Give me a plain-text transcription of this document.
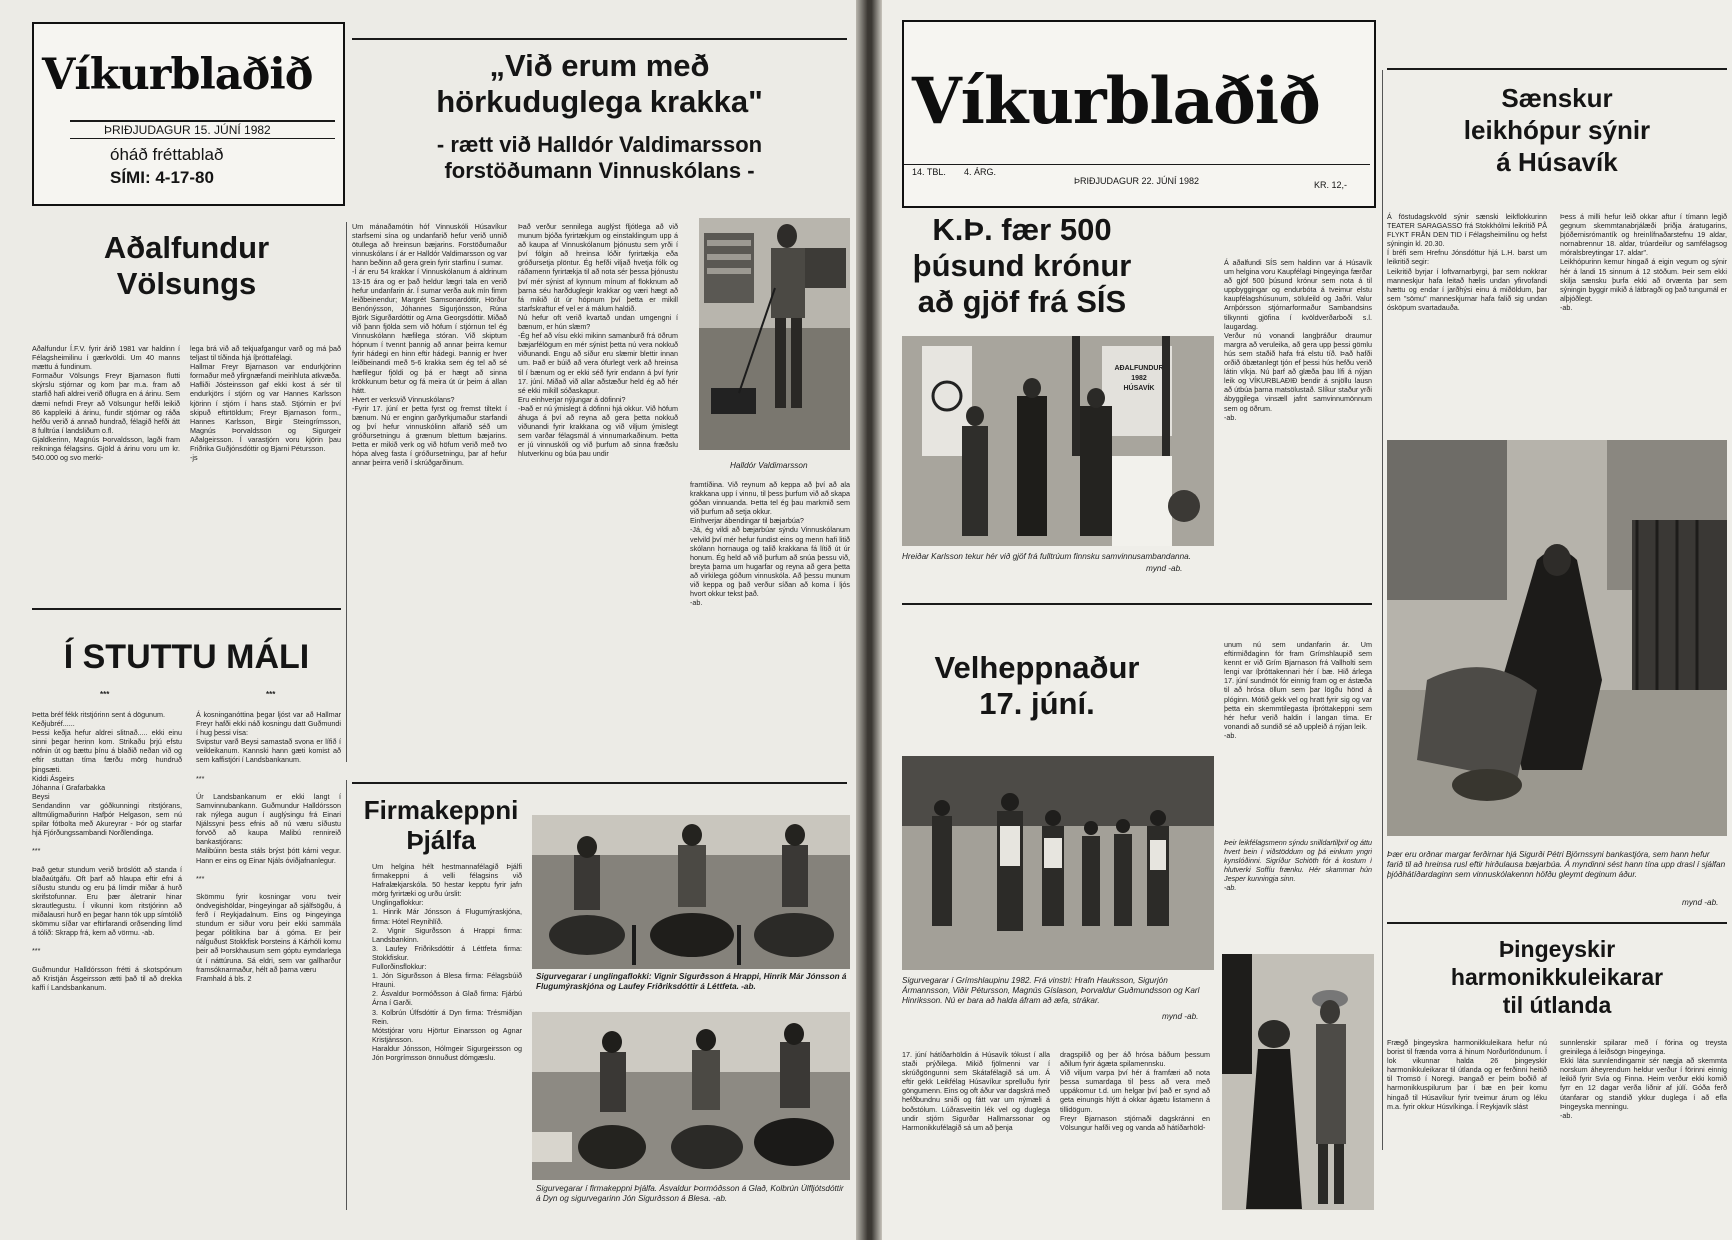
Víkurblaðið
ÞRIÐJUDAGUR 15. JÚNÍ 1982
óháð fréttablað
SÍMI: 4-17-80
„Við erum með
hörkuduglega krakka"
- rætt við Halldór Valdimarsson
forstöðumann Vinnuskólans -
Um mánaðamótin hóf Vinnuskóli Húsavíkur starfsemi sína og undanfarið hefur verið unnið ötullega að hreinsun bæjarins. Forstöðumaður vinnuskólans í ár er Halldór Valdimarsson og var hann beðinn að gera grein fyrir starfinu í sumar.
-Í ár eru 54 krakkar í Vinnuskólanum á aldrinum 13-15 ára og er það heldur lægri tala en verið hefur undanfarin ár. Í sumar verða auk mín fimm leiðbeinendur; Margrét Samsonardóttir, Hörður Benónýsson, Jóhannes Sigurjónsson, Rúna Björk Sigurðardóttir og Arna Georgsdóttir. Miðað við þann fjölda sem við höfum í stjórnun tel ég Vinnuskólann hæfilega stóran. Við skiptum hópnum í tvennt þannig að annar þeirra kemur fyrir hádegi en hinn eftir hádegi. Þannig er hver leiðbeinandi með 5-6 krakka sem ég tel að sé hæfilegur fjöldi og þá er hægt að sinna krökkunum betur og fá meira út úr þeim á allan hátt.
Hvert er verksvið Vinnuskólans?
-Fyrir 17. júní er þetta fyrst og fremst tiltekt í bænum. Nú er enginn garðyrkjumaður starfandi og því hefur vinnuskólinn alfarið séð um gróðursetningu á grænum blettum bæjarins. Þetta er mikið verk og við höfum verið með tvo hópa alveg fasta í gróðursetningu, þar af hefur annar þeirra verið í skrúðgarðinum.
Það verður sennilega auglýst fljótlega að við munum bjóða fyrirtækjum og einstaklingum upp á að kaupa af Vinnuskólanum þjónustu sem yrði í því fólgin að hreinsa lóðir fyrirtækja eða gróðursetja plöntur. Ég hefði viljað hvetja fólk og ráðamenn fyrirtækja til að nota sér þessa þjónustu því mér sýnist af kynnum mínum af flokknum að þarna séu harðduglegir krakkar og væri hægt að fá mikið út úr hópnum því þetta er mikill starfskraftur ef vel er á málum haldið.
Nú hefur oft verið kvartað undan umgengni í bænum, er hún slæm?
-Ég hef að vísu ekki mikinn samanburð frá öðrum bæjarfélögum en mér sýnist þetta nú vera nokkuð viðunandi. Engu að síður eru slæmir blettir innan um. Það er búið að vera ófurlegt verk að hreinsa til í bænum og er ekki séð fyrir endann á því fyrir 17. júní. Miðað við allar aðstæður held ég að hér sé ekki mikill sóðaskapur.
Eru einhverjar nýjungar á döfinni?
-Það er nú ýmislegt á döfinni hjá okkur. Við höfum áhuga á því að reyna að gera þetta nokkuð viðunandi fyrir krakkana og við viljum ýmislegt sem varðar félagsmál á vinnumarkaðinum. Þetta er jú vinnuskóli og við þurfum að sinna fræðslu hlutverkinu og búa þau undir
Halldór Valdimarsson
framtíðina. Við reynum að keppa að því að ala krakkana upp í vinnu, til þess þurfum við að skapa góðan vinnuanda. Þetta tel ég þau markmið sem við þurfum að setja okkur.
Einhverjar ábendingar til bæjarbúa?
-Já, ég vildi að bæjarbúar sýndu Vinnuskólanum velvild því mér hefur fundist eins og menn hafi litið skólann hornauga og talið krakkana fá lítið út úr honum. Ég held að við þurfum að snúa þessu við, breyta þarna um hugarfar og reyna að gera þetta að virkilega góðum vinnuskóla. Að þessu munum við keppa og það verður síðan að koma í ljós hvort okkur tekst það.
-ab.
Aðalfundur
Völsungs
Aðalfundur Í.F.V. fyrir árið 1981 var haldinn í Félagsheimilinu í gærkvöldi. Um 40 manns mættu á fundinum.
Formaður Völsungs Freyr Bjarnason flutti skýrslu stjórnar og kom þar m.a. fram að starfið hafi aldrei verið öflugra en á árinu. Sem dæmi nefndi Freyr að Völsungur hefði leikið 86 kappleiki á árinu, fundir stjórnar og ráða hefðu verið á annað hundrað, félagið hefði átt 8 fulltrúa í landsliðum o.fl.
Gjaldkerinn, Magnús Þorvaldsson, lagði fram reikninga félagsins. Gjöld á árinu voru um kr. 540.000 og svo merki-
lega brá við að tekjuafgangur varð og má það teljast til tíðinda hjá íþróttafélagi.
Hallmar Freyr Bjarnason var endurkjörinn formaður með yfirgnæfandi meirihluta atkvæða. Hafliði Jósteinsson gaf ekki kost á sér til endurkjörs í stjórn og var Hannes Karlsson kjörinn í stjórn í hans stað. Stjórnin er því skipuð eftirtöldum; Freyr Bjarnason form., Hannes Karlsson, Birgir Steingrímsson, Magnús Þorvaldsson og Sigurgeir Aðalgeirsson. Í varastjórn voru kjörin þau Friðrika Guðjónsdóttir og Bjarni Pétursson.
-js
Í STUTTU MÁLI
***	***
Þetta bréf fékk ritstjórinn sent á dögunum.
Keðjubréf......
Þessi keðja hefur aldrei slitnað..... ekki einu sinni þegar herinn kom. Strikaðu þrjú efstu nöfnin út og bættu þínu á blaðið neðan við og eftir stuttan tíma færðu mörg hundruð þingsæti.
Kiddi Ásgeirs
Jóhanna í Grafarbakka
Beysi
Sendandinn var góðkunningi ritstjórans, alltmúligmaðurinn Hafþór Helgason, sem nú spilar fótbolta með Akureyrar - Þór og starfar hjá Fjórðungssambandi Norðlendinga.

***

Það getur stundum verið bröslótt að standa í blaðaútgáfu. Oft þarf að hlaupa eftir efni á síðustu stundu og eru þá límdir miðar á hurð skrifstofunnar. Eru þær áletranir hinar skrautlegustu. Í vikunni kom ritstjórinn að miðalausri hurð en þegar hann tók upp símtólið skömmu síðar var eftirfarandi orðsending límd á tólið: Skrapp frá, kem að vörmu. -ab.

***

Guðmundur Halldórsson frétti á skotspónum að Kristján Ásgeirsson ætti það til að drekka kaffi í Landsbankanum.
Á kosninganóttina þegar ljóst var að Hallmar Freyr hafði ekki náð kosningu datt Guðmundi í hug þessi vísa:
Svipstur varð Beysi samastað svona er lífið í veikleikanum. Kannski hann gæti komist að sem kaffistjóri í Landsbankanum.

***

Úr Landsbankanum er ekki langt í Samvinnubankann. Guðmundur Halldórsson rak nýlega augun í auglýsingu frá Einari Njálssyni þess efnis að nú væru síðustu forvöð að kaupa Malibú rennireið bankastjórans:
Malibúinn besta stáls brýst þótt kárni vegur. Hann er eins og Einar Njáls óviðjafnanlegur.

***

Skömmu fyrir kosningar voru tveir öndvegishöldar, Þingeyingar að sjálfsögðu, á ferð í Reykjadalnum. Eins og Þingeyinga stundum er siður voru þeir ekki sammála þegar pólitíkina bar á góma. Er þeir nálguðust Stokkfisk Þorsteins á Kárhóli komu þeir að Þorskhausum sem góptu eymdarlega út í náttúruna. Sá eldri, sem var gallharður framsóknarmaður, hélt að þarna væru
Framhald á bls. 2
Firmakeppni
Þjálfa
Um helgina hélt hestmannafélagið Þjálfi firmakeppni á velli félagsins við Hafralækjarskóla. 50 hestar kepptu fyrir jafn mörg fyrirtæki og urðu úrslit:
Unglingaflokkur:
1. Hinrik Már Jónsson á Flugumýraskjóna, firma: Hótel Reynihlíð.
2. Vignir Sigurðsson á Hrappi firma: Landsbankinn.
3. Laufey Friðriksdóttir á Léttfeta firma: Stokkfiskur.
Fullorðinsflokkur:
1. Jón Sigurðsson á Blesa firma: Félagsbúið Hrauni.
2. Ásvaldur Þormóðsson á Glað firma: Fjárbú Árna í Garði.
3. Kolbrún Úlfsdóttir á Dyn firma: Trésmiðjan Rein.
Mótstjórar voru Hjörtur Einarsson og Agnar Kristjánsson.
Haraldur Jónsson, Hólmgeir Sigurgeirsson og Jón Þorgrímsson önnuðust dómgæslu.
Sigurvegarar í unglingaflokki: Vignir Sigurðsson á Hrappi, Hinrik Már Jónsson á Flugumýraskjóna og Laufey Friðriksdóttir á Léttfeta. -ab.
Sigurvegarar í firmakeppni Þjálfa. Ásvaldur Þormóðsson á Glað, Kolbrún Úlfljótsdóttir á Dyn og sigurvegarinn Jón Sigurðsson á Blesa. -ab.
Víkurblaðið
14. TBL. 4. ÁRG.
ÞRIÐJUDAGUR 22. JÚNÍ 1982	KR. 12,-
K.Þ. fær 500
þúsund krónur
að gjöf frá SÍS
Á aðalfundi SÍS sem haldinn var á Húsavík um helgina voru Kaupfélagi Þingeyinga færðar að gjöf 500 þúsund krónur sem nota á til uppbyggingar og endurbóta á tveimur elstu kaupfélagshúsunum, söluleild og Jaðri. Valur Arnþórsson stjórnarformaður Sambandsins tilkynnti gjöfina í kvöldverðarboði s.l. laugardag.
Verður nú vonandi langþráður draumur margra að veruleika, að gera upp þessi gömlu hús sem staðið hafa frá elstu tíð. Það hafði orðið óbætanlegt tjón ef þessi hús hefðu verið látin víkja. Nú þarf að glæða þau lífi á nýjan leik og VÍKURBLAÐIÐ bendir á snjöllu lausn að útbúa þarna matsölustað. Slíkur staður yrði ábyggilega vinsæll jafnt samvinnumönnum sem og öðrum.
-ab.
AÐALFUNDUR 1982
HÚSAVÍK
Hreiðar Karlsson tekur hér við gjöf frá fulltrúum finnsku samvinnusambandanna.
mynd -ab.
Sænskur
leikhópur sýnir
á Húsavík
Á föstudagskvöld sýnir sænski leikflokkurinn TEATER SARAGASSO frá Stokkhólmi leikritið PÅ FLYKT FRÅN DEN TID í Félagsheimilinu og hefst sýningin kl. 20.30.
Í bréfi sem Hrefnu Jónsdóttur hjá L.H. barst um leikritið segir:
Leikritið byrjar í loftvarnarbyrgi, þar sem nokkrar manneskjur hafa leitað hælis undan yfirvofandi hættu og endar í jarðhýsi einu á miðöldum, þar sem "sömu" manneskjurnar hafa falið sig undan ósköpum svartadauða.
Þess á milli hefur leið okkar aftur í tímann legið gegnum skemmtanabrjálæði þriðja áratugarins, þjóðernisrómantík og hreinlífnaðarstefnu 19 aldar, nornabrennur 18. aldar, trúardeilur og samfélagsog móralsbreytingar 17. aldar".
Leikhópurinn kemur hingað á eigin vegum og sýnir hér á landi 15 sinnum á 12 stöðum. Þeir sem ekki skilja sænsku þurfa ekki að örvænta þar sem sýningin byggir mikið á látbragði og það tungumál er alþjóðlegt.
-ab.
Þær eru orðnar margar ferðirnar hjá Sigurði Pétri Björnssyni bankastjóra, sem hann hefur farið til að hreinsa rusl eftir hirðulausa bæjarbúa. Á myndinni sést hann tína upp drasl í sjálfan þjóðhátíðardaginn sem vinnuskólakennn höfðu gleymt deginum áður.
mynd -ab.
Velheppnaður
17. júní.
unum nú sem undanfarin ár. Um eftirmiðdaginn fór fram Grímshlaupið sem kennt er við Grím Bjarnason frá Vallholti sem lengi var íþróttakennari hér í bæ. Hið árlega 17. júní sundmót fór einnig fram og er ástæða til að hrósa öllum sem þar lögðu hönd á plóginn. Mótið gekk vel og hratt fyrir sig og var þetta ein skemmtilegasta íþróttakeppni sem hér hefur verið haldin í langan tíma. Er vonandi að sundið sé að uppleið á nýjan leik.
-ab.
Þeir leikfélagsmenn sýndu snilldartilþrif og áttu hvert bein í viðstöddum og þá einkum yngri kynslóðinni. Sigríður Schiöth fór á kostum í hlutverki Soffíu frænku. Hér skammar hún Jesper kunningja sinn.
-ab.
Sigurvegarar í Grímshlaupinu 1982. Frá vinstri: Hrafn Hauksson, Sigurjón Ármannsson, Viðir Pétursson, Magnús Gíslason, Þorvaldur Guðmundsson og Karl Hinriksson. Nú er bara að halda áfram að æfa, strákar.
mynd -ab.
17. júní hátíðarhöldin á Húsavík tókust í alla staði prýðilega. Mikið fjölmenni var í skrúðgöngunni sem Skátafélagið sá um. Á eftir gekk Leikfélag Húsavíkur sprelluðu fyrir göngumenn. Eins og oft áður var dagskrá með hefðbundnu sniði og fátt var um nýmæli á boðstólum. Lúðrasveitin lék vel og duglega undir stjórn Sigurðar Hallmarssonar og Harmonikkufélagið sá um að þenja
dragspilið og þer áð hrósa báðum þessum aðilum fyrir ágæta spilamennsku.
Við viljum varpa því hér á framfæri að nota þessa sumardaga til þess að vera með uppákomur t.d. um helgar því það er synd að geta einungis hlýtt á okkar ágætu listamenn á tillidögum.
Freyr Bjarnason stjórnaði dagskránni en Völsungur hafði veg og vanda að hátíðarhöld-
Þingeyskir
harmonikkuleikarar
til útlanda
Frægð þingeyskra harmonikkuleikara hefur nú borist til frænda vorra á hinum Norðurlöndunum. Í lok vikunnar halda 26 þingeyskir harmonikkuleikarar til útlanda og er ferðinni heitið til Tromsö í Noregi. Þangað er þeim boðið af harmonikkuspilurum þar í bæ en þeir komu hingað til Húsavíkur fyrir tveimur árum og léku m.a. fyrir okkur Húsvíkinga. Í Reykjavík slást
sunnlenskir spilarar með í förina og treysta greinilega á leiðsögn Þingeyinga.
Ekki láta sunnlendingarnir sér nægja að skemmta norskum áheyrendum heldur verður í förinni einnig leikið fyrir Svía og Finna. Heim verður ekki komið fyrr en 12 dagar verða liðnir af júlí. Góða ferð útanfarar og standið ykkur duglega í að efla Þingeyska menningu.
-ab.
